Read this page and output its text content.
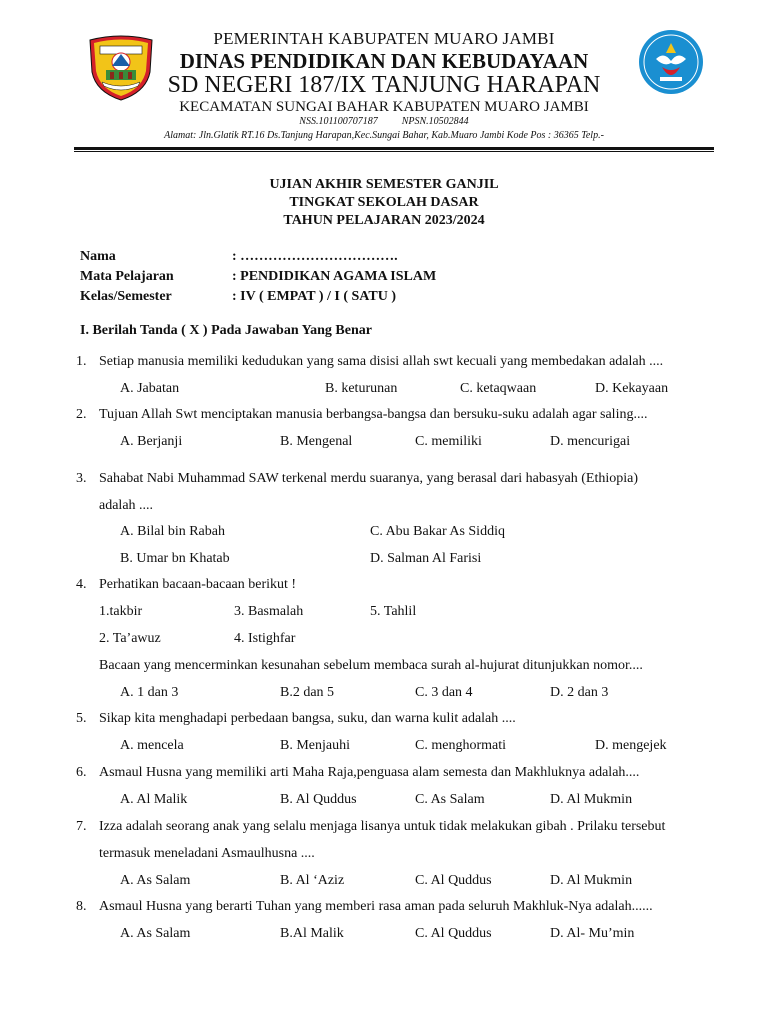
PEMERINTAH KABUPATEN MUARO JAMBI
DINAS PENDIDIKAN DAN KEBUDAYAAN
SD NEGERI 187/IX TANJUNG HARAPAN
KECAMATAN SUNGAI BAHAR KABUPATEN MUARO JAMBI
NSS.101100707187 NPSN.10502844
Alamat: Jln.Glatik RT.16 Ds.Tanjung Harapan,Kec.Sungai Bahar, Kab.Muaro Jambi Kode Pos : 36365 Telp.-
UJIAN AKHIR SEMESTER GANJIL
TINGKAT SEKOLAH DASAR
TAHUN PELAJARAN 2023/2024
Nama	: …………………………….
Mata Pelajaran	: PENDIDIKAN AGAMA ISLAM
Kelas/Semester	: IV ( EMPAT ) / I ( SATU )
I. Berilah Tanda ( X ) Pada Jawaban Yang Benar
1. Setiap manusia memiliki kedudukan yang sama disisi allah swt kecuali yang membedakan adalah ....
A. Jabatan	B. keturunan	C. ketaqwaan	D. Kekayaan
2. Tujuan Allah Swt menciptakan manusia berbangsa-bangsa dan bersuku-suku adalah agar saling....
A. Berjanji	B. Mengenal	C. memiliki	D. mencurigai
3. Sahabat Nabi Muhammad SAW terkenal merdu suaranya, yang berasal dari habasyah (Ethiopia)
adalah ....
A. Bilal bin Rabah	C. Abu Bakar As Siddiq
B. Umar bn Khatab	D. Salman Al Farisi
4. Perhatikan bacaan-bacaan berikut !
1.takbir	3. Basmalah	5. Tahlil
2. Ta’awuz	4. Istighfar
Bacaan yang mencerminkan kesunahan sebelum membaca surah al-hujurat ditunjukkan nomor....
A. 1 dan 3	B.2 dan 5	C. 3 dan 4	D. 2 dan 3
5. Sikap kita menghadapi perbedaan bangsa, suku, dan warna kulit adalah ....
A. mencela	B. Menjauhi	C. menghormati	D. mengejek
6. Asmaul Husna yang memiliki arti Maha Raja,penguasa alam semesta dan Makhluknya adalah....
A. Al Malik	B. Al Quddus	C. As Salam	D. Al Mukmin
7. Izza adalah seorang anak yang selalu menjaga lisanya untuk tidak melakukan gibah . Prilaku tersebut
termasuk meneladani Asmaulhusna ....
A. As Salam	B. Al ‘Aziz	C. Al Quddus	D. Al Mukmin
8. Asmaul Husna yang berarti Tuhan yang memberi rasa aman pada seluruh Makhluk-Nya adalah......
A. As Salam	B.Al Malik	C. Al Quddus	D. Al- Mu’min
